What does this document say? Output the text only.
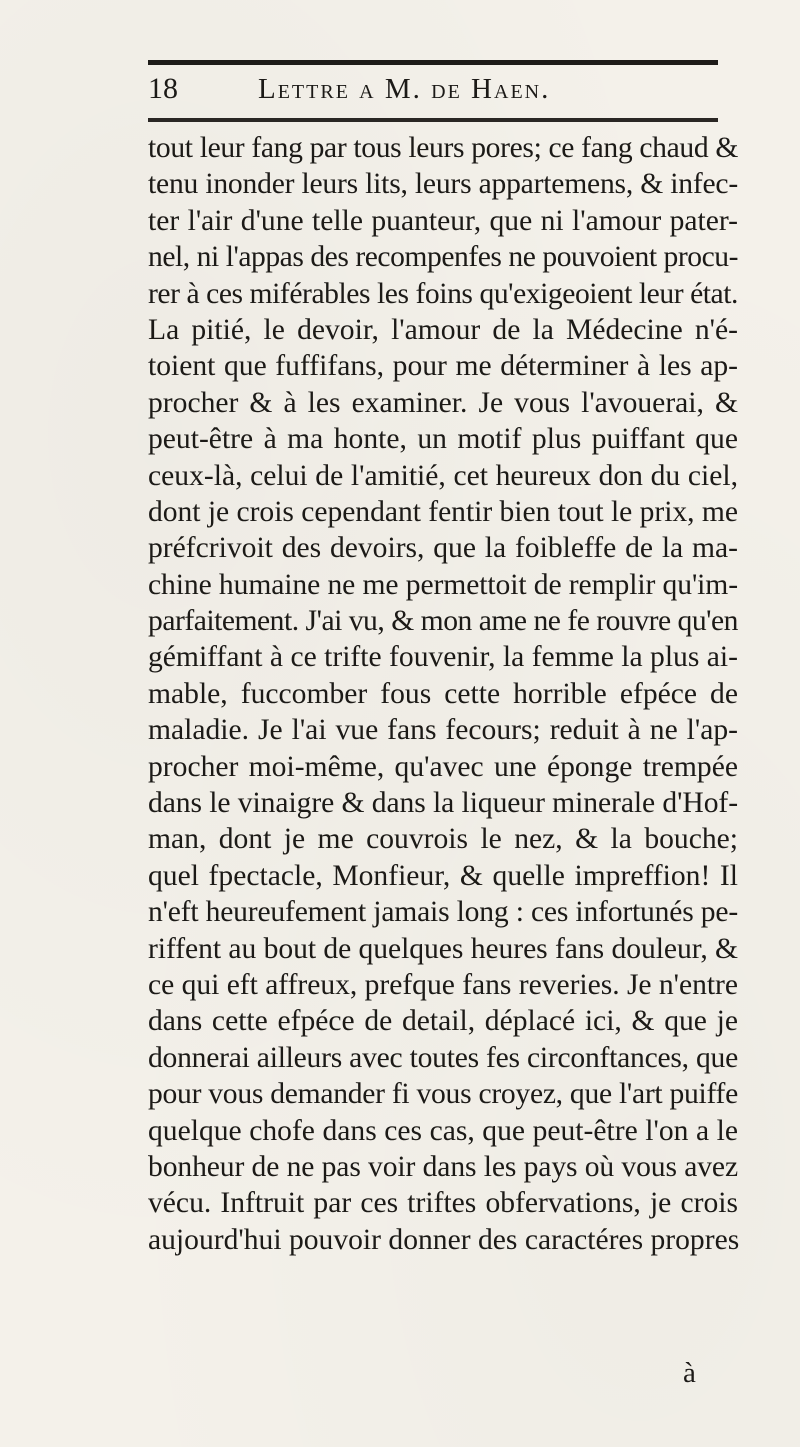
18	Lettre a M. de Haen.
tout leur fang par tous leurs pores; ce fang chaud &
tenu inonder leurs lits, leurs appartemens, & infec-
ter l'air d'une telle puanteur, que ni l'amour pater-
nel, ni l'appas des recompenfes ne pouvoient procu-
rer à ces miférables les foins qu'exigeoient leur état.
La pitié, le devoir, l'amour de la Médecine n'é-
toient que fuffifans, pour me déterminer à les ap-
procher & à les examiner. Je vous l'avouerai, &
peut-être à ma honte, un motif plus puiffant que
ceux-là, celui de l'amitié, cet heureux don du ciel,
dont je crois cependant fentir bien tout le prix, me
préfcrivoit des devoirs, que la foibleffe de la ma-
chine humaine ne me permettoit de remplir qu'im-
parfaitement. J'ai vu, & mon ame ne fe rouvre qu'en
gémiffant à ce trifte fouvenir, la femme la plus ai-
mable, fuccomber fous cette horrible efpéce de
maladie. Je l'ai vue fans fecours; reduit à ne l'ap-
procher moi-même, qu'avec une éponge trempée
dans le vinaigre & dans la liqueur minerale d'Hof-
man, dont je me couvrois le nez, & la bouche;
quel fpectacle, Monfieur, & quelle impreffion! Il
n'eft heureufement jamais long : ces infortunés pe-
riffent au bout de quelques heures fans douleur, &
ce qui eft affreux, prefque fans reveries. Je n'entre
dans cette efpéce de detail, déplacé ici, & que je
donnerai ailleurs avec toutes fes circonftances, que
pour vous demander fi vous croyez, que l'art puiffe
quelque chofe dans ces cas, que peut-être l'on a le
bonheur de ne pas voir dans les pays où vous avez
vécu. Inftruit par ces triftes obfervations, je crois
aujourd'hui pouvoir donner des caractéres propres
à
